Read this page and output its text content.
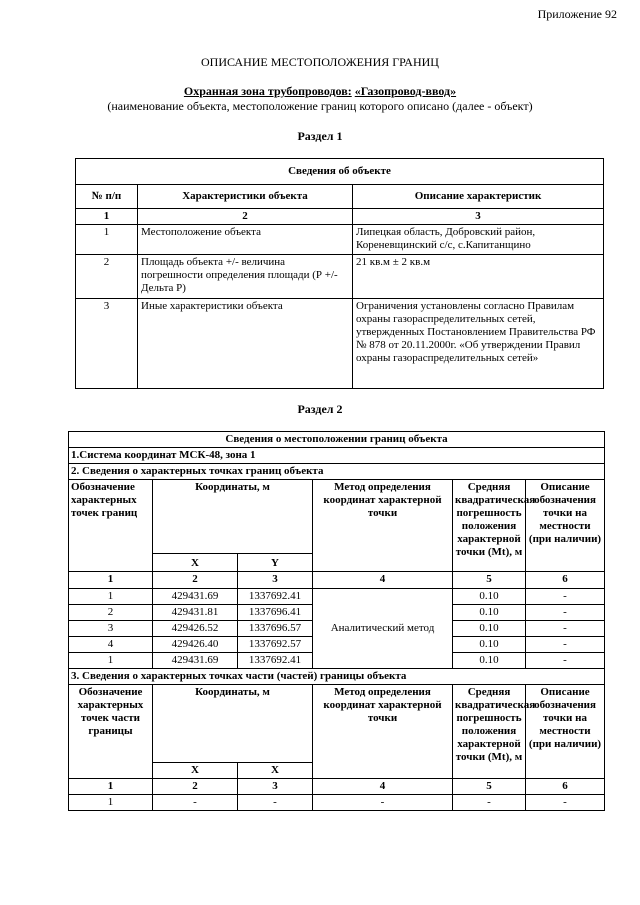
Приложение 92
ОПИСАНИЕ МЕСТОПОЛОЖЕНИЯ ГРАНИЦ
Охранная зона трубопроводов: «Газопровод-ввод»
(наименование объекта, местоположение границ которого описано (далее - объект)
Раздел 1
Сведения об объекте		
№ п/п	Характеристики объекта	Описание характеристик
1	2	3
1	Местоположение объекта	Липецкая область, Добровский район, Кореневщинский с/с, с.Капитанщино
2	Площадь объекта +/- величина погрешности определения площади (Р +/- Дельта Р)	21 кв.м ± 2 кв.м
3	Иные характеристики объекта	Ограничения установлены согласно Правилам охраны газораспределительных сетей, утвержденных Постановлением Правительства РФ № 878 от 20.11.2000г. «Об утверждении Правил охраны газораспределительных сетей»
Раздел 2
Сведения о местоположении границ объекта					
1.Система координат МСК-48, зона 1					
2. Сведения о характерных точках границ объекта					
Обозначение характерных точек границ	Координаты, м		Метод определения координат характерной точки	Средняя квадратическая погрешность положения характерной точки (Mt), м	Описание обозначения точки на местности (при наличии)
	X	Y			
1	2	3	4	5	6
1	429431.69	1337692.41	Аналитический метод	0.10	-
2	429431.81	1337696.41		0.10	-
3	429426.52	1337696.57		0.10	-
4	429426.40	1337692.57		0.10	-
1	429431.69	1337692.41		0.10	-
3. Сведения о характерных точках части (частей) границы объекта					
Обозначение характерных точек части границы	Координаты, м		Метод определения координат характерной точки	Средняя квадратическая погрешность положения характерной точки (Mt), м	Описание обозначения точки на местности (при наличии)
	X	X			
1	2	3	4	5	6
1	-	-	-	-	-
